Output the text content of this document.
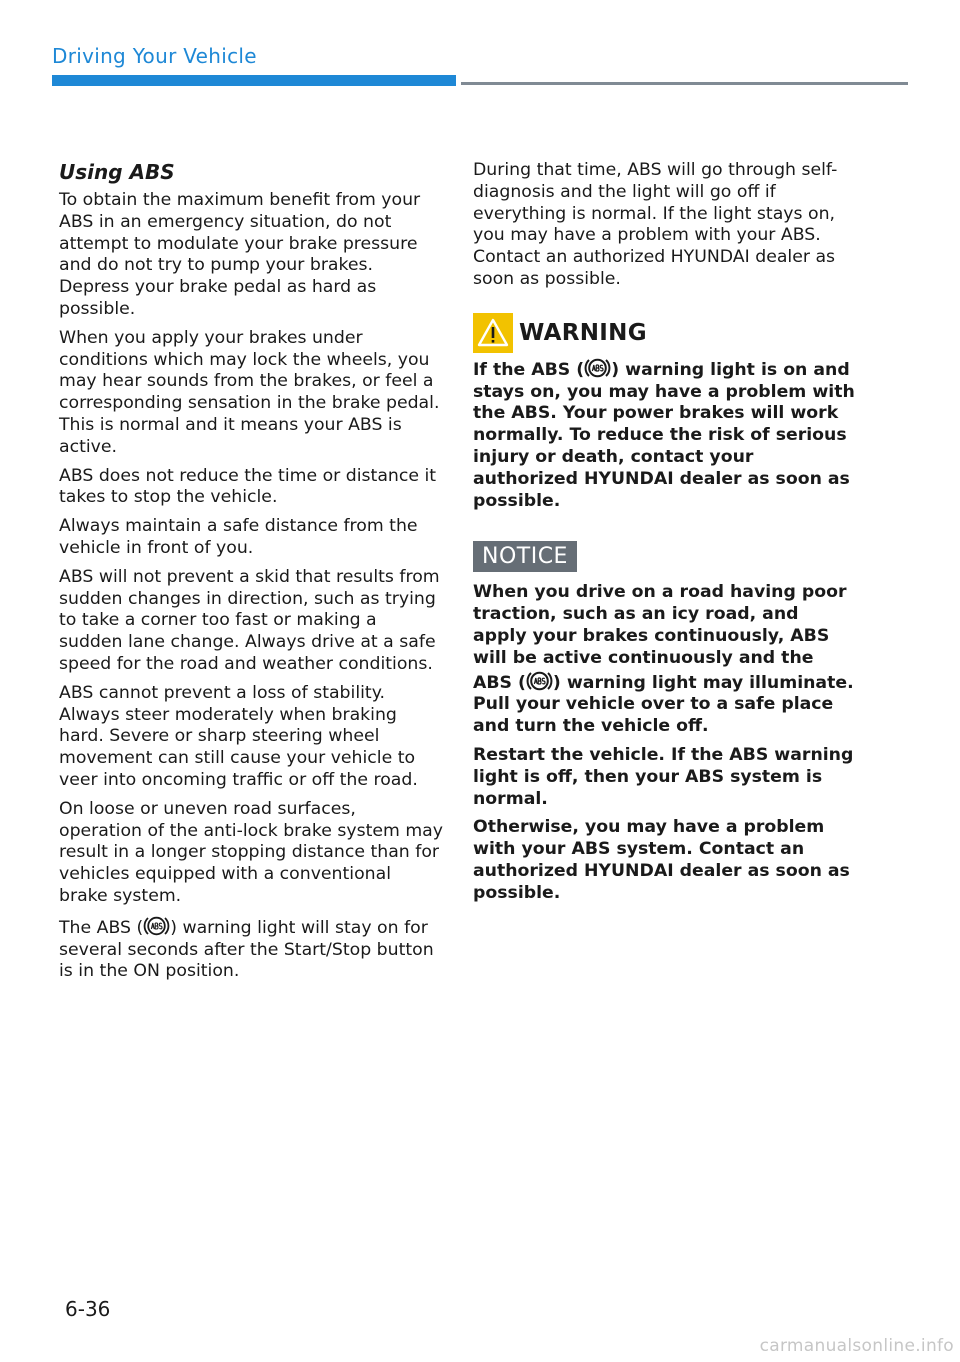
Driving Your Vehicle
Using ABS

To obtain the maximum benefit from your ABS in an emergency situation, do not attempt to modulate your brake pressure and do not try to pump your brakes. Depress your brake pedal as hard as possible.

When you apply your brakes under conditions which may lock the wheels, you may hear sounds from the brakes, or feel a corresponding sensation in the brake pedal. This is normal and it means your ABS is active.

ABS does not reduce the time or distance it takes to stop the vehicle.

Always maintain a safe distance from the vehicle in front of you.

ABS will not prevent a skid that results from sudden changes in direction, such as trying to take a corner too fast or making a sudden lane change. Always drive at a safe speed for the road and weather conditions.

ABS cannot prevent a loss of stability. Always steer moderately when braking hard. Severe or sharp steering wheel movement can still cause your vehicle to veer into oncoming traffic or off the road.

On loose or uneven road surfaces, operation of the anti-lock brake system may result in a longer stopping distance than for vehicles equipped with a conventional brake system.

The ABS ( ) warning light will stay on for several seconds after the Start/Stop button is in the ON position.

During that time, ABS will go through self-diagnosis and the light will go off if everything is normal. If the light stays on, you may have a problem with your ABS. Contact an authorized HYUNDAI dealer as soon as possible.

WARNING

If the ABS ( ) warning light is on and stays on, you may have a problem with the ABS. Your power brakes will work normally. To reduce the risk of serious injury or death, contact your authorized HYUNDAI dealer as soon as possible.

NOTICE

When you drive on a road having poor traction, such as an icy road, and apply your brakes continuously, ABS will be active continuously and the ABS ( ) warning light may illuminate. Pull your vehicle over to a safe place and turn the vehicle off.

Restart the vehicle. If the ABS warning light is off, then your ABS system is normal.

Otherwise, you may have a problem with your ABS system. Contact an authorized HYUNDAI dealer as soon as possible.

6-36
carmanualsonline.info
